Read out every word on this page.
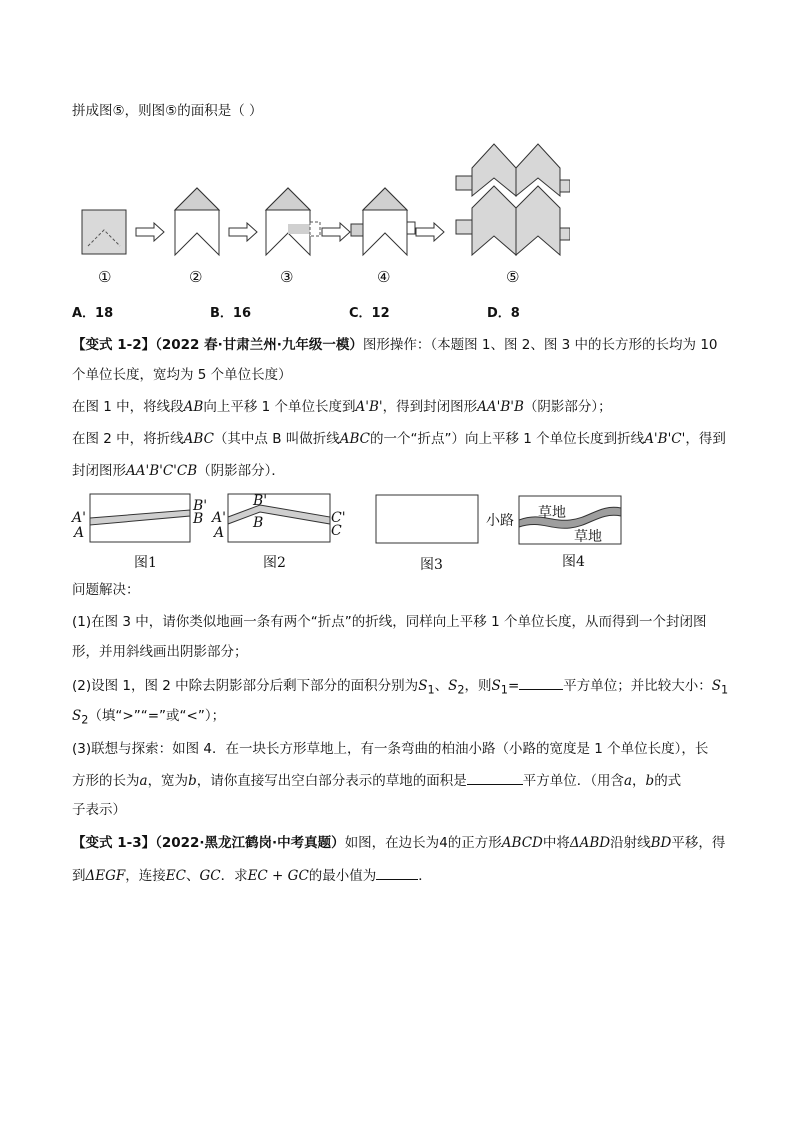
拼成图⑤，则图⑤的面积是（ ）
①	②	③	④	⑤
A．18	B．16	C．12	D．8
【变式 1-2】（2022 春·甘肃兰州·九年级一模）图形操作：（本题图 1、图 2、图 3 中的长方形的长均为 10
个单位长度，宽均为 5 个单位长度）
在图 1 中，将线段AB向上平移 1 个单位长度到A'B'，得到封闭图形AA'B'B（阴影部分）；
在图 2 中，将折线ABC（其中点 B 叫做折线ABC的一个“折点”）向上平移 1 个单位长度到折线A'B'C'，得到
封闭图形AA'B'C'CB（阴影部分）．
A'
A
B'
B
B'
B
A'
A
C'
C
小路 草地
草地
图1	图2	图3	图4
问题解决：
(1)在图 3 中，请你类似地画一条有两个“折点”的折线，同样向上平移 1 个单位长度，从而得到一个封闭图
形，并用斜线画出阴影部分；
(2)设图 1，图 2 中除去阴影部分后剩下部分的面积分别为$S_1$、$S_2$，则$S_1=$	平方单位；并比较大小：$S_1$
$S_2$（填“>”“=”或“<”）；
(3)联想与探索：如图 4．在一块长方形草地上，有一条弯曲的柏油小路（小路的宽度是 1 个单位长度），长
方形的长为a，宽为b，请你直接写出空白部分表示的草地的面积是	平方单位．（用含a，b的式
子表示）
【变式 1-3】（2022·黑龙江鹤岗·中考真题）如图，在边长为4的正方形ABCD中将ΔABD沿射线BD平移，得
到ΔEGF，连接EC、GC．求EC + GC的最小值为	．
